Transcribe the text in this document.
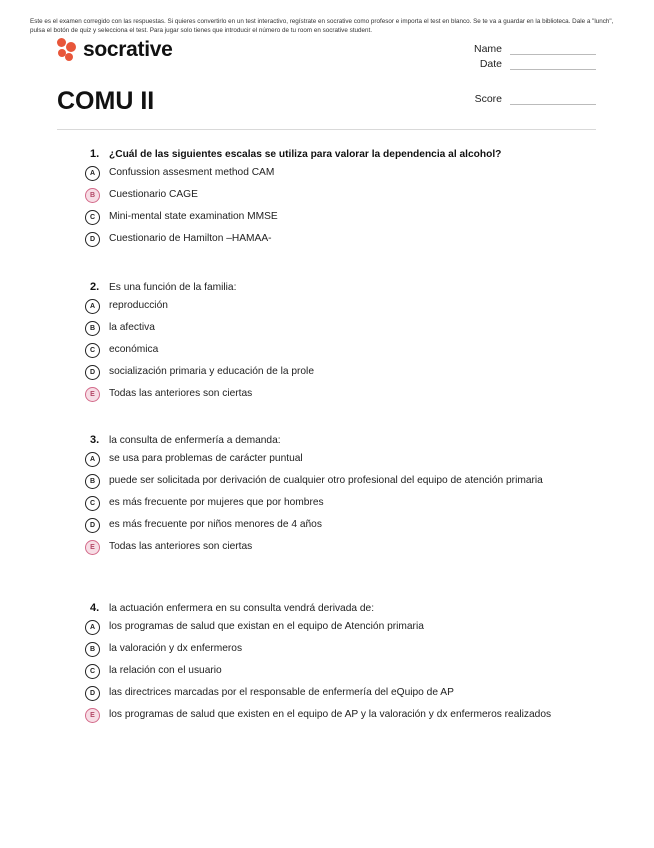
Este es el examen corregido con las respuestas. Si quieres convertirlo en un test interactivo, regístrate en socrative como profesor e importa el test en blanco. Se te va a guardar en la biblioteca. Dale a "lunch", pulsa el botón de quiz y selecciona el test. Para jugar solo tienes que introducir el número de tu room en socrative student.
socrative	Name
Date
COMU II	Score
1. ¿Cuál de las siguientes escalas se utiliza para valorar la dependencia al alcohol?
A	Confussion assesment method CAM
B	Cuestionario CAGE
C	Mini-mental state examination MMSE
D	Cuestionario de Hamilton –HAMAA-
2. Es una función de la familia:
A	reproducción
B	la afectiva
C	económica
D	socialización primaria y educación de la prole
E	Todas las anteriores son ciertas
3. la consulta de enfermería a demanda:
A	se usa para problemas de carácter puntual
B	puede ser solicitada por derivación de cualquier otro profesional del equipo de atención primaria
C	es más frecuente por mujeres que por hombres
D	es más frecuente por niños menores de 4 años
E	Todas las anteriores son ciertas
4. la actuación enfermera en su consulta vendrá derivada de:
A	los programas de salud que existan en el equipo de Atención primaria
B	la valoración y dx enfermeros
C	la relación con el usuario
D	las directrices marcadas por el responsable de enfermería del eQuipo de AP
E	los programas de salud que existen en el equipo de AP y la valoración y dx enfermeros realizados
